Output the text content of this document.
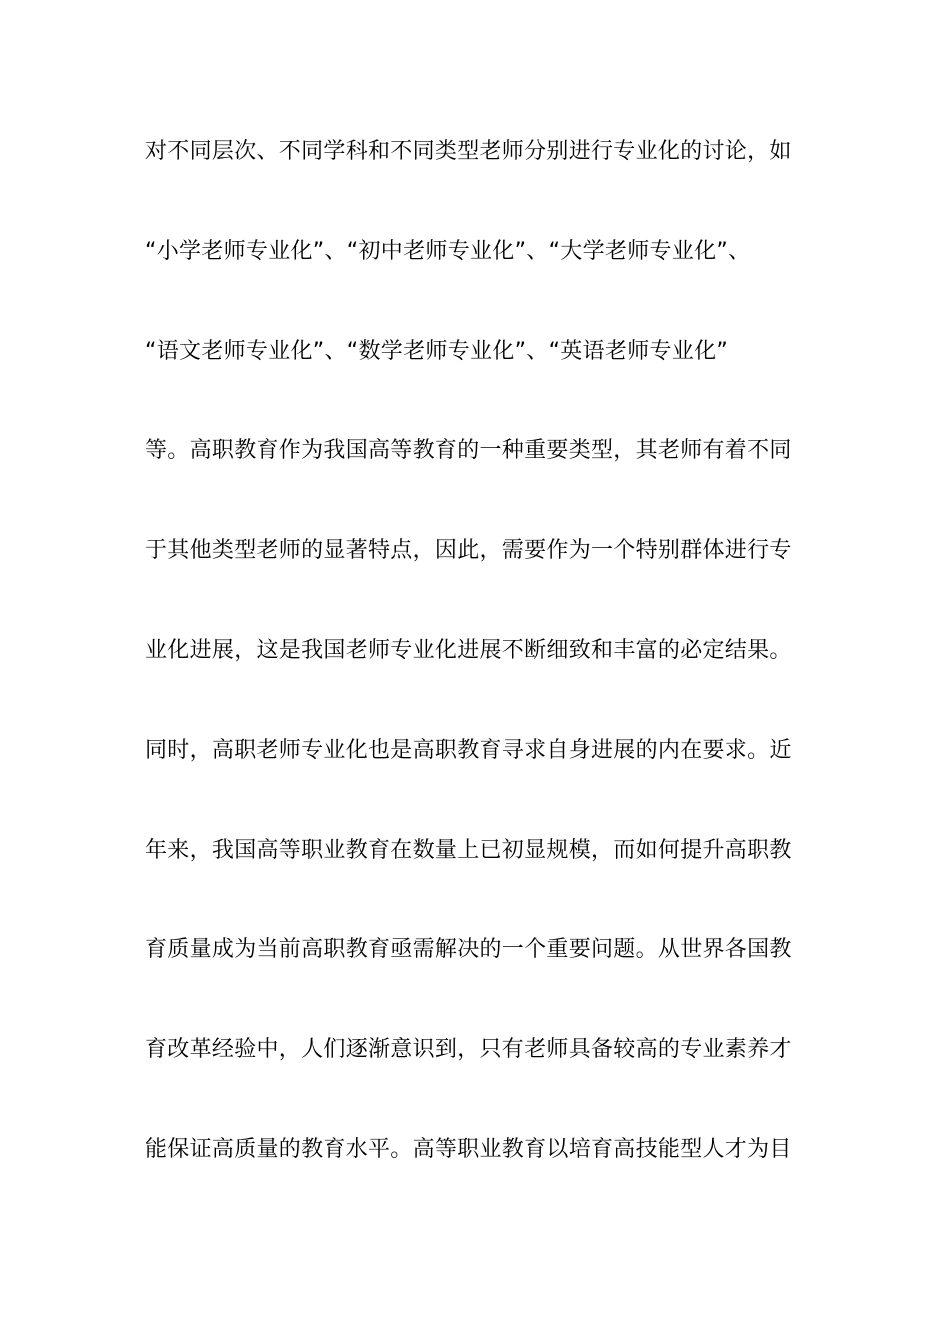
对不同层次、不同学科和不同类型老师分别进行专业化的讨论，如
“小学老师专业化”、“初中老师专业化”、“大学老师专业化”、
“语文老师专业化”、“数学老师专业化”、“英语老师专业化”
等。高职教育作为我国高等教育的一种重要类型，其老师有着不同
于其他类型老师的显著特点，因此，需要作为一个特别群体进行专
业化进展，这是我国老师专业化进展不断细致和丰富的必定结果。
同时，高职老师专业化也是高职教育寻求自身进展的内在要求。近
年来，我国高等职业教育在数量上已初显规模，而如何提升高职教
育质量成为当前高职教育亟需解决的一个重要问题。从世界各国教
育改革经验中，人们逐渐意识到，只有老师具备较高的专业素养才
能保证高质量的教育水平。高等职业教育以培育高技能型人才为目
